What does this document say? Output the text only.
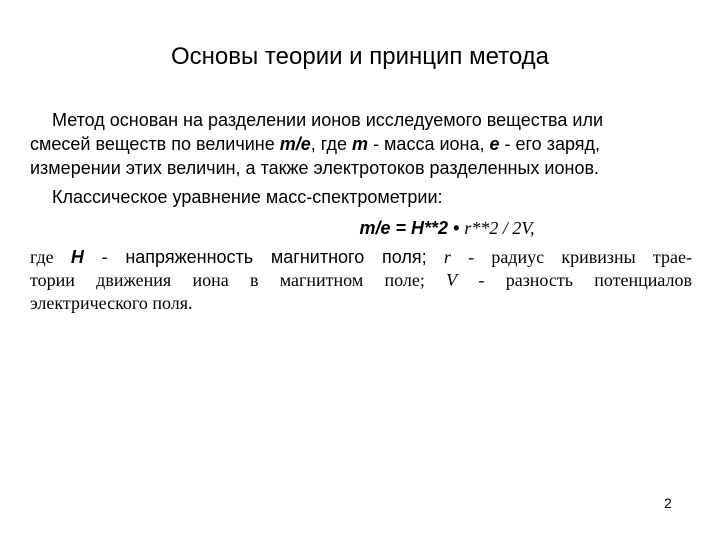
Основы теории и принцип метода
Метод основан на разделении ионов исследуемого вещества или
смесей веществ по величине m/e, где m - масса иона, e - его заряд,
измерении этих величин, а также электротоков разделенных ионов.
Классическое уравнение масс-спектрометрии:
m/e = H**2 • r**2 / 2V,
где H - напряженность магнитного поля; r - радиус кривизны трае-
тории движения иона в магнитном поле; V - разность потенциалов
электрического поля.
2
